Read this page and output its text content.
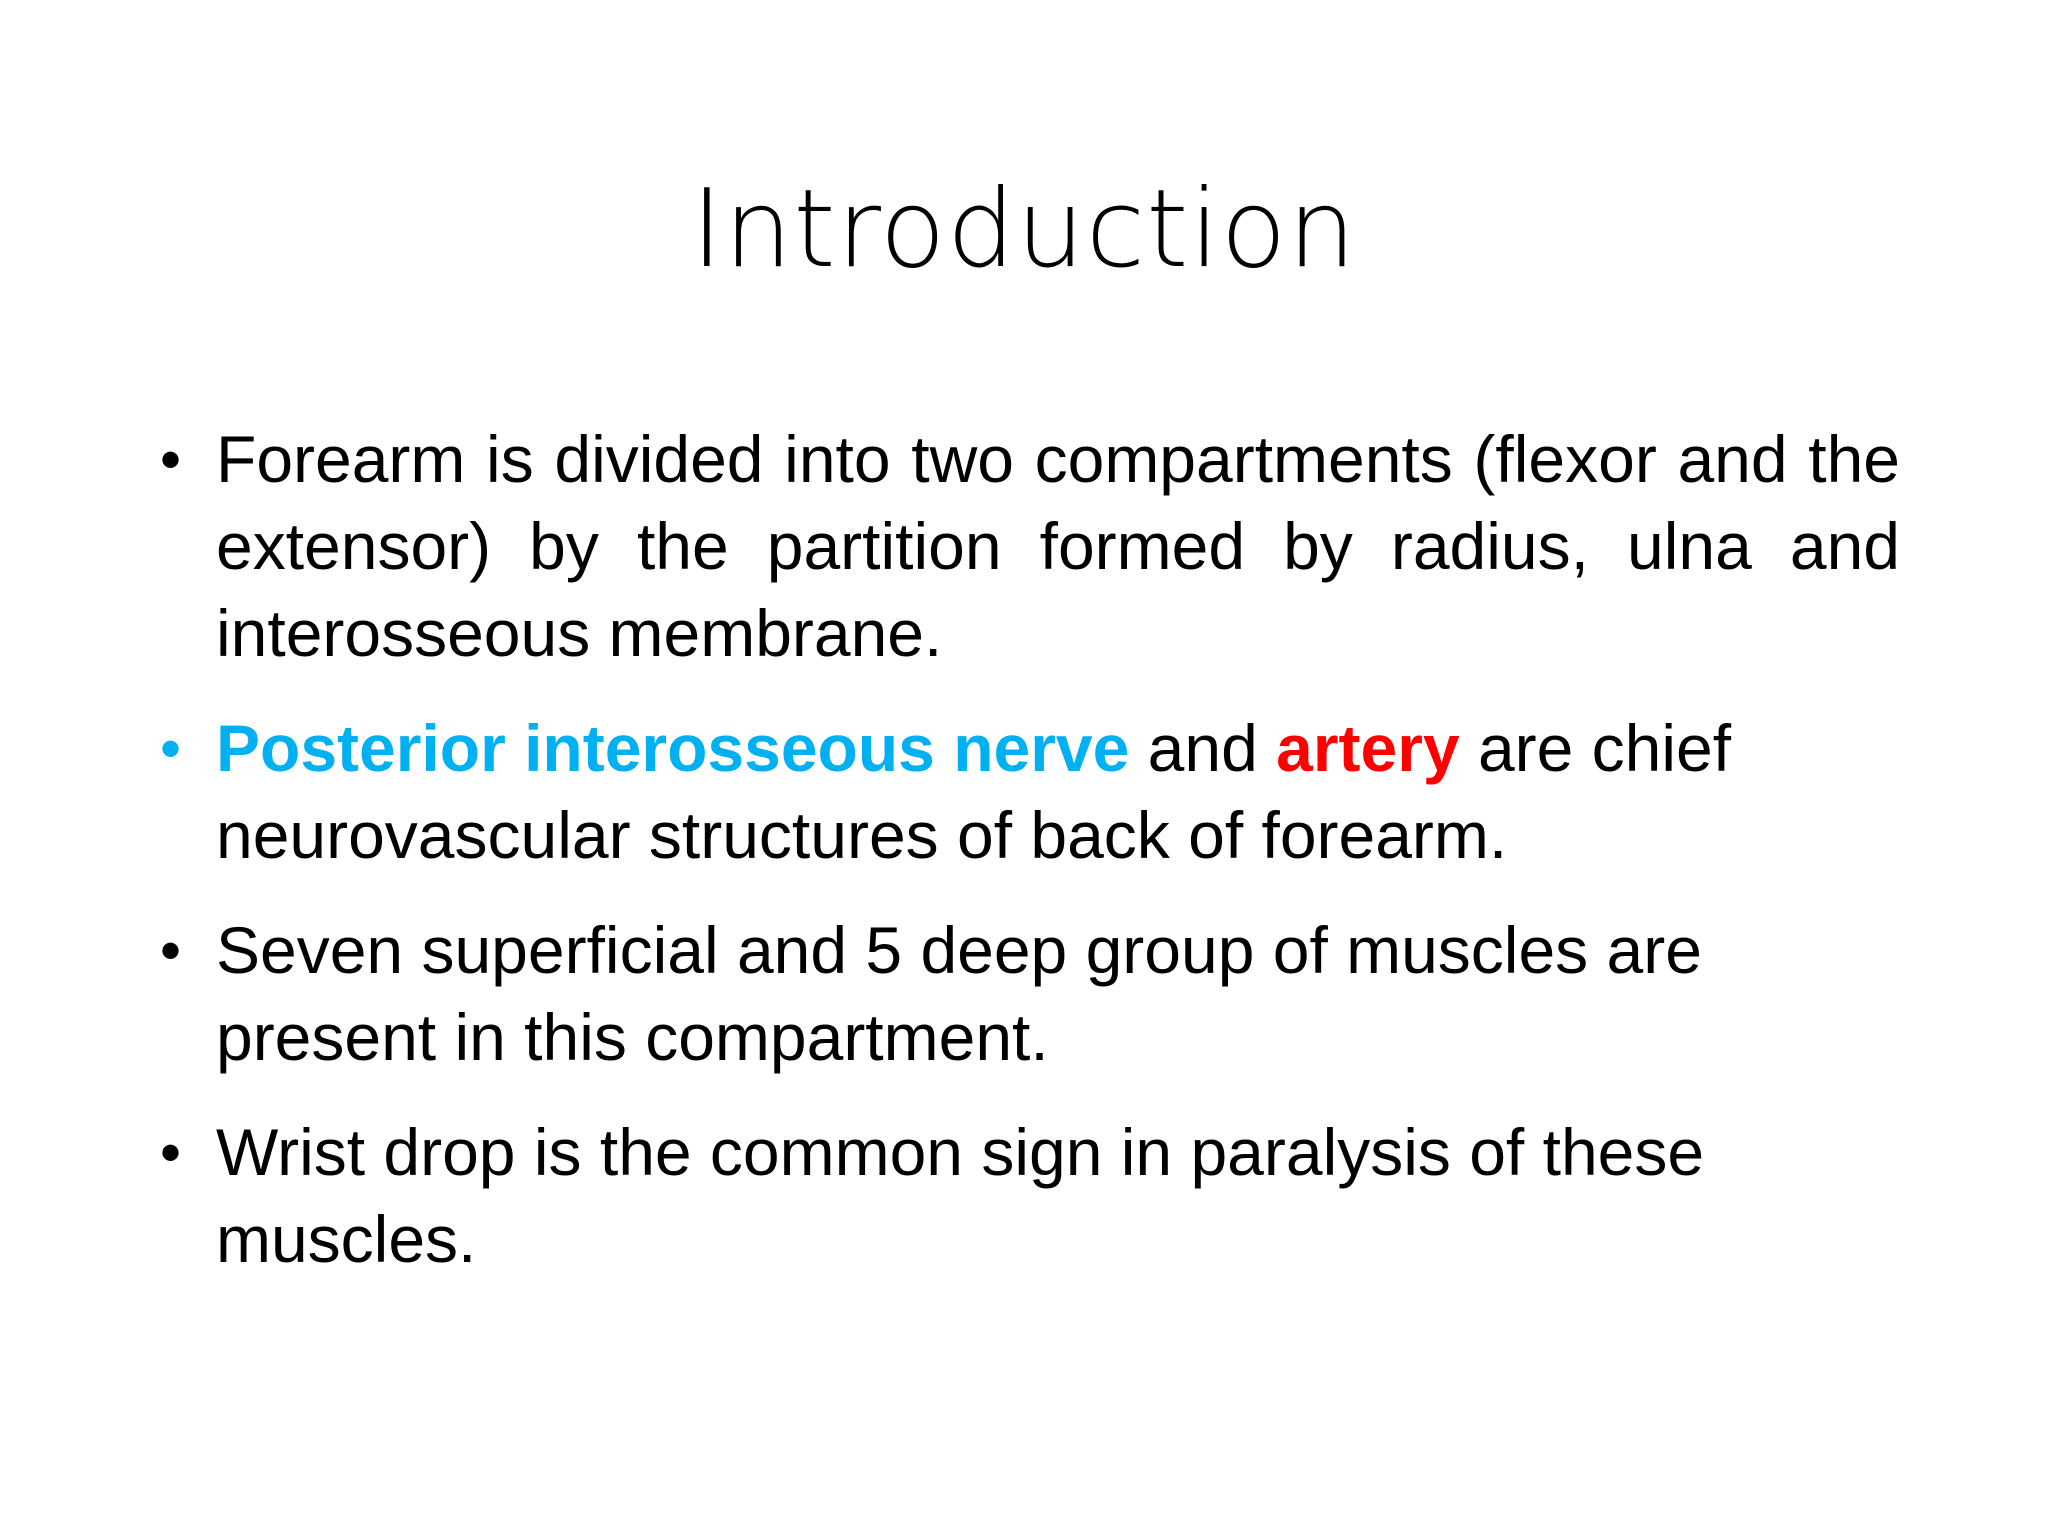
Introduction
• Forearm is divided into two compartments (flexor and the extensor) by the partition formed by radius, ulna and interosseous membrane.
• Posterior interosseous nerve and artery are chief neurovascular structures of back of forearm.
• Seven superficial and 5 deep group of muscles are present in this compartment.
• Wrist drop is the common sign in paralysis of these muscles.
